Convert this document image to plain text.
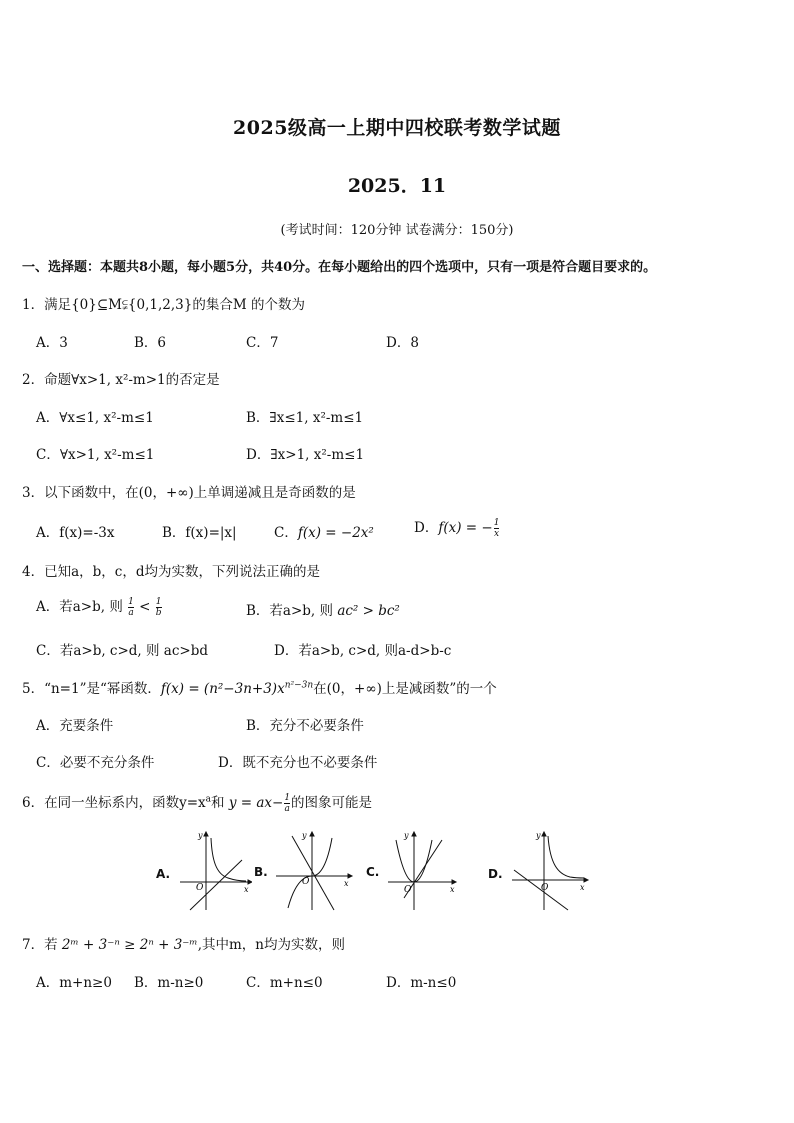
2025级高一上期中四校联考数学试题
2025．11
(考试时间：120分钟 试卷满分：150分)
一、选择题：本题共8小题，每小题5分，共40分。在每小题给出的四个选项中，只有一项是符合题目要求的。
1．满足{0}⊆M⫋{0,1,2,3}的集合M 的个数为
A．3	B．6	C．7	D．8
2．命题∀x>1, x²-m>1的否定是
A．∀x≤1, x²-m≤1	B．∃x≤1, x²-m≤1
C．∀x>1, x²-m≤1	D．∃x>1, x²-m≤1
3．以下函数中，在(0，+∞)上单调递减且是奇函数的是
A．f(x)=-3x	B．f(x)=|x|	C．f(x) = −2x²	D．f(x) = − $\frac{1}{x}$
4．已知a，b，c，d均为实数，下列说法正确的是
A．若a>b, 则 $\frac{1}{a} < \frac{1}{b}$	B．若a>b, 则 ac² > bc²
C．若a>b, c>d, 则 ac>bd	D．若a>b, c>d, 则a-d>b-c
5．“n=1”是“幂函数．$f(x) = (n^2-3n+3)x^{n^2-3n}$在(0，+∞)上是减函数”的一个
A．充要条件	B．充分不必要条件
C．必要不充分条件	D．既不充分也不必要条件
6．在同一坐标系内，函数$y=x^a$和 $y = ax- \frac{1}{a}$ 的图象可能是
A.	B.	C.	D.
y
x
O
y
x
O
y
x
O
y
x
O
7．若 2ᵐ + 3⁻ⁿ ≥ 2ⁿ + 3⁻ᵐ,其中m，n均为实数，则
A．m+n≥0 B．m-n≥0	C．m+n≤0	D．m-n≤0
